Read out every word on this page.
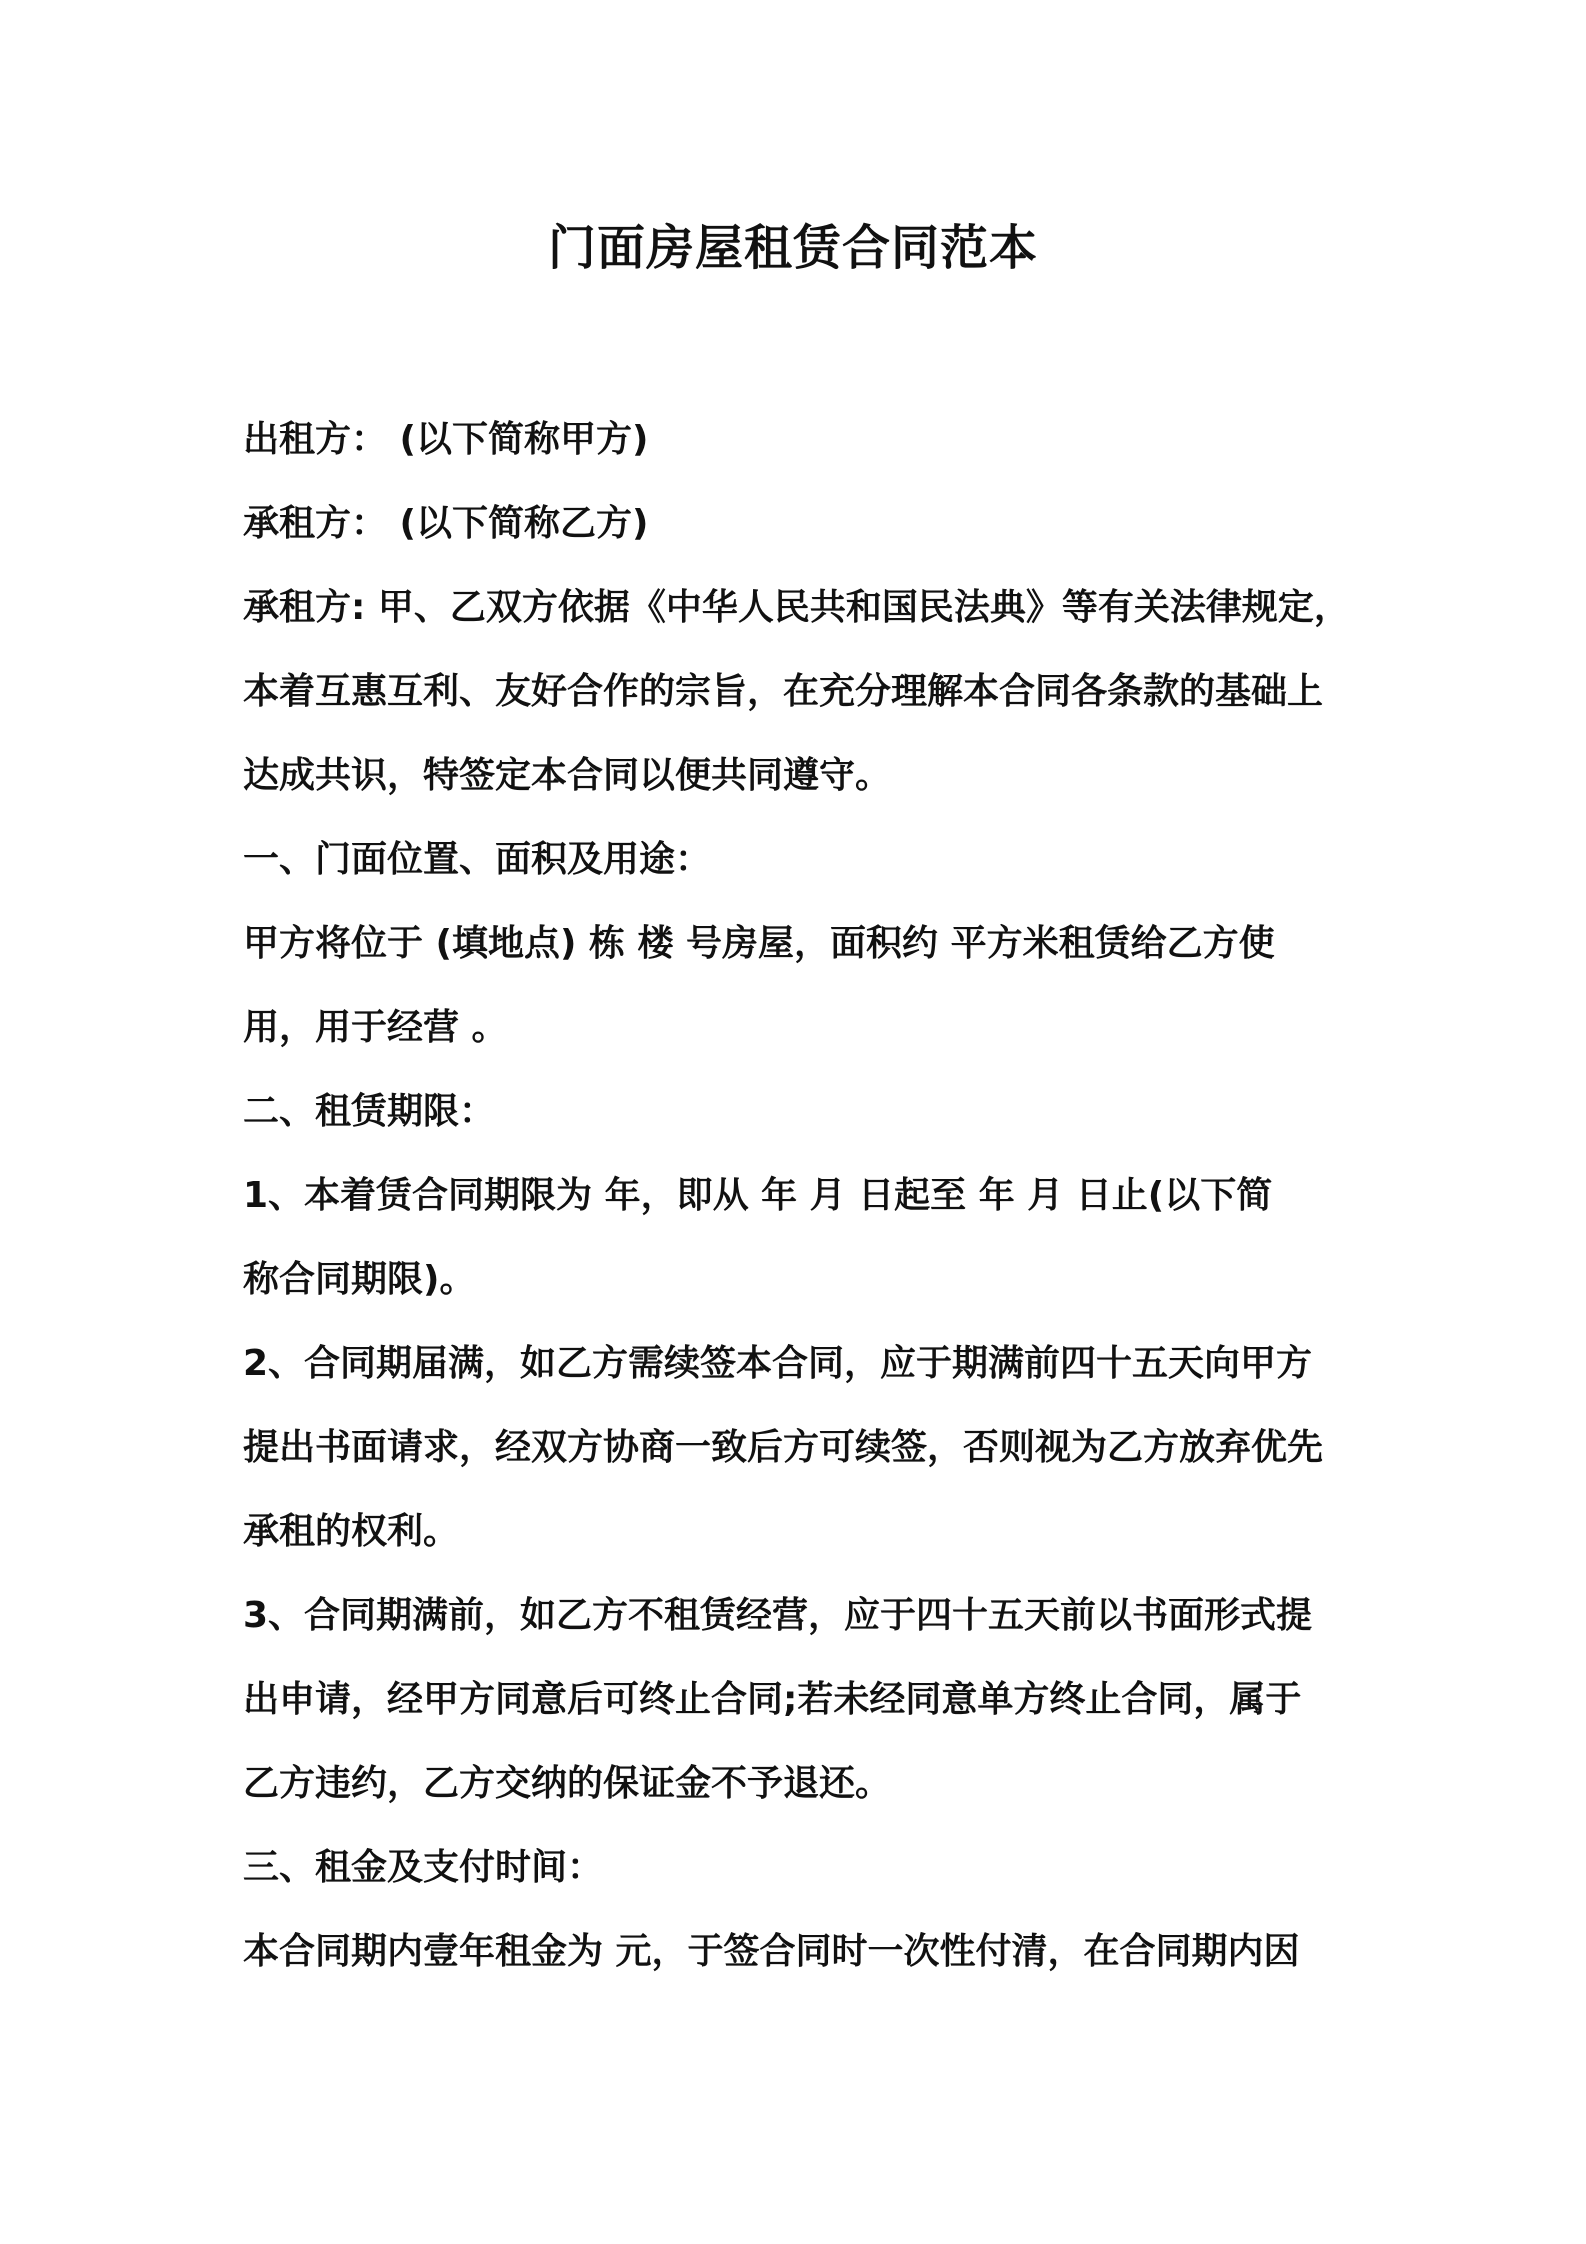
门面房屋租赁合同范本
出租方： (以下简称甲方)
承租方： (以下简称乙方)
承租方: 甲、乙双方依据《中华人民共和国民法典》等有关法律规定，
本着互惠互利、友好合作的宗旨，在充分理解本合同各条款的基础上
达成共识，特签定本合同以便共同遵守。
一、门面位置、面积及用途：
甲方将位于 (填地点) 栋 楼 号房屋，面积约 平方米租赁给乙方使
用，用于经营 。
二、租赁期限：
1、本着赁合同期限为 年，即从 年 月 日起至 年 月 日止(以下简
称合同期限)。
2、合同期届满，如乙方需续签本合同，应于期满前四十五天向甲方
提出书面请求，经双方协商一致后方可续签，否则视为乙方放弃优先
承租的权利。
3、合同期满前，如乙方不租赁经营，应于四十五天前以书面形式提
出申请，经甲方同意后可终止合同;若未经同意单方终止合同，属于
乙方违约，乙方交纳的保证金不予退还。
三、租金及支付时间：
本合同期内壹年租金为 元，于签合同时一次性付清，在合同期内因
